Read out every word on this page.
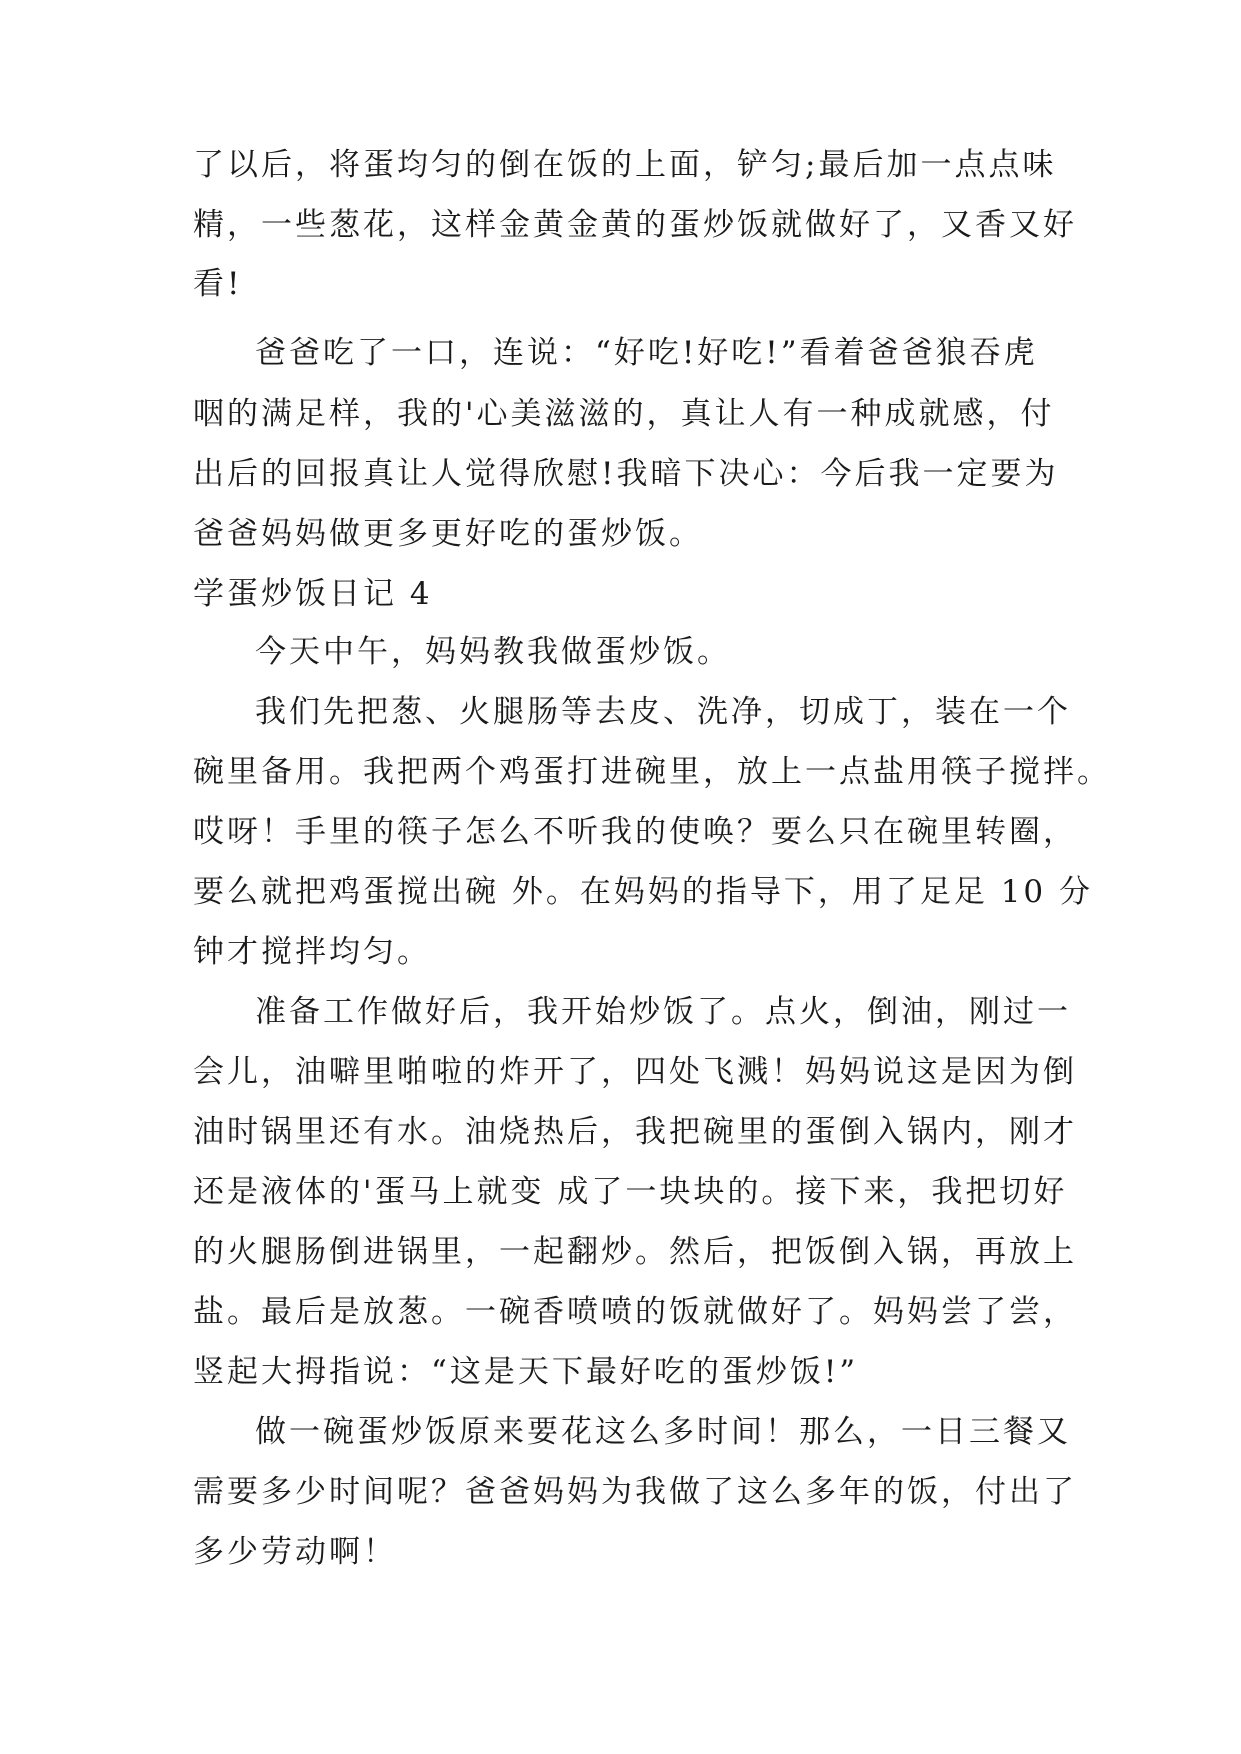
了以后，将蛋均匀的倒在饭的上面，铲匀;最后加一点点味
精，一些葱花，这样金黄金黄的蛋炒饭就做好了，又香又好
看!
爸爸吃了一口，连说：“好吃!好吃!”看着爸爸狼吞虎
咽的满足样，我的'心美滋滋的，真让人有一种成就感，付
出后的回报真让人觉得欣慰!我暗下决心：今后我一定要为
爸爸妈妈做更多更好吃的蛋炒饭。
学蛋炒饭日记 4
今天中午，妈妈教我做蛋炒饭。
我们先把葱、火腿肠等去皮、洗净，切成丁，装在一个
碗里备用。我把两个鸡蛋打进碗里，放上一点盐用筷子搅拌。
哎呀！手里的筷子怎么不听我的使唤？要么只在碗里转圈，
要么就把鸡蛋搅出碗 外。在妈妈的指导下，用了足足 10 分
钟才搅拌均匀。
准备工作做好后，我开始炒饭了。点火，倒油，刚过一
会儿，油噼里啪啦的炸开了，四处飞溅！妈妈说这是因为倒
油时锅里还有水。油烧热后，我把碗里的蛋倒入锅内，刚才
还是液体的'蛋马上就变 成了一块块的。接下来，我把切好
的火腿肠倒进锅里，一起翻炒。然后，把饭倒入锅，再放上
盐。最后是放葱。一碗香喷喷的饭就做好了。妈妈尝了尝，
竖起大拇指说：“这是天下最好吃的蛋炒饭!”
做一碗蛋炒饭原来要花这么多时间！那么，一日三餐又
需要多少时间呢？爸爸妈妈为我做了这么多年的饭，付出了
多少劳动啊！
